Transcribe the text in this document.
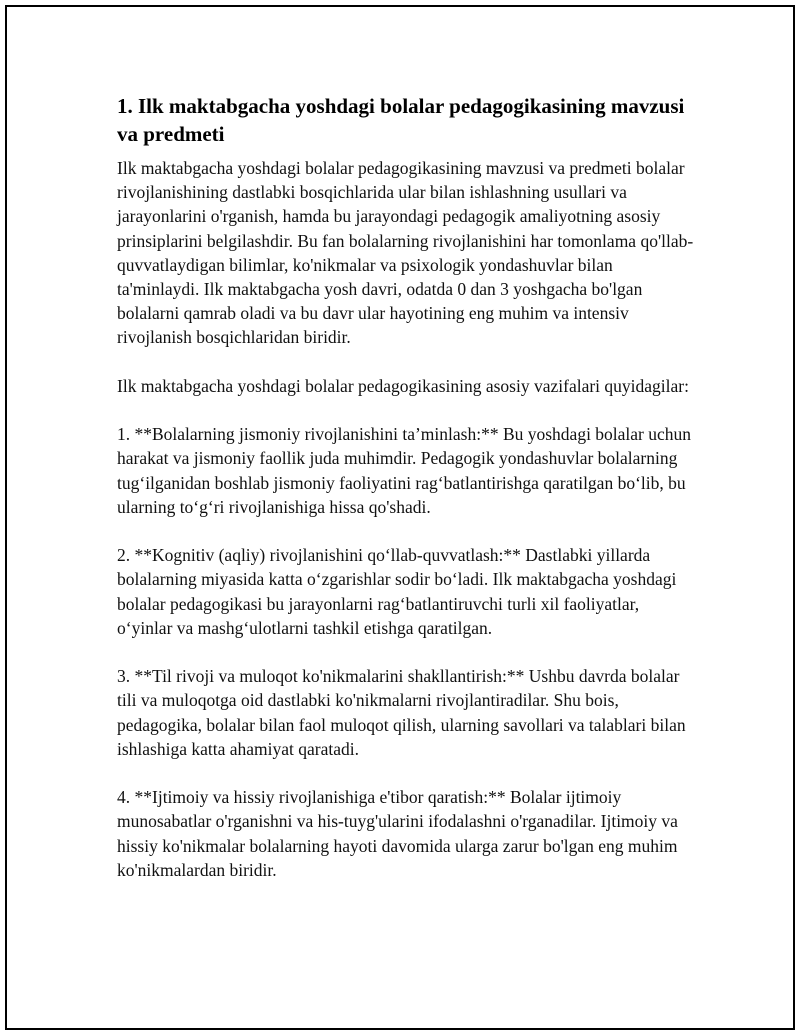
1. Ilk maktabgacha yoshdagi bolalar pedagogikasining mavzusi va predmeti

Ilk maktabgacha yoshdagi bolalar pedagogikasining mavzusi va predmeti bolalar rivojlanishining dastlabki bosqichlarida ular bilan ishlashning usullari va jarayonlarini o'rganish, hamda bu jarayondagi pedagogik amaliyotning asosiy prinsiplarini belgilashdir. Bu fan bolalarning rivojlanishini har tomonlama qo'llab-quvvatlaydigan bilimlar, ko'nikmalar va psixologik yondashuvlar bilan ta'minlaydi. Ilk maktabgacha yosh davri, odatda 0 dan 3 yoshgacha bo'lgan bolalarni qamrab oladi va bu davr ular hayotining eng muhim va intensiv rivojlanish bosqichlaridan biridir.

Ilk maktabgacha yoshdagi bolalar pedagogikasining asosiy vazifalari quyidagilar:

1. **Bolalarning jismoniy rivojlanishini ta’minlash:** Bu yoshdagi bolalar uchun harakat va jismoniy faollik juda muhimdir. Pedagogik yondashuvlar bolalarning tug‘ilganidan boshlab jismoniy faoliyatini rag‘batlantirishga qaratilgan bo‘lib, bu ularning to‘g‘ri rivojlanishiga hissa qo'shadi.

2. **Kognitiv (aqliy) rivojlanishini qo‘llab-quvvatlash:** Dastlabki yillarda bolalarning miyasida katta o‘zgarishlar sodir bo‘ladi. Ilk maktabgacha yoshdagi bolalar pedagogikasi bu jarayonlarni rag‘batlantiruvchi turli xil faoliyatlar, o‘yinlar va mashg‘ulotlarni tashkil etishga qaratilgan.

3. **Til rivoji va muloqot ko'nikmalarini shakllantirish:** Ushbu davrda bolalar tili va muloqotga oid dastlabki ko'nikmalarni rivojlantiradilar. Shu bois, pedagogika, bolalar bilan faol muloqot qilish, ularning savollari va talablari bilan ishlashiga katta ahamiyat qaratadi.

4. **Ijtimoiy va hissiy rivojlanishiga e'tibor qaratish:** Bolalar ijtimoiy munosabatlar o'rganishni va his-tuyg'ularini ifodalashni o'rganadilar. Ijtimoiy va hissiy ko'nikmalar bolalarning hayoti davomida ularga zarur bo'lgan eng muhim ko'nikmalardan biridir.
